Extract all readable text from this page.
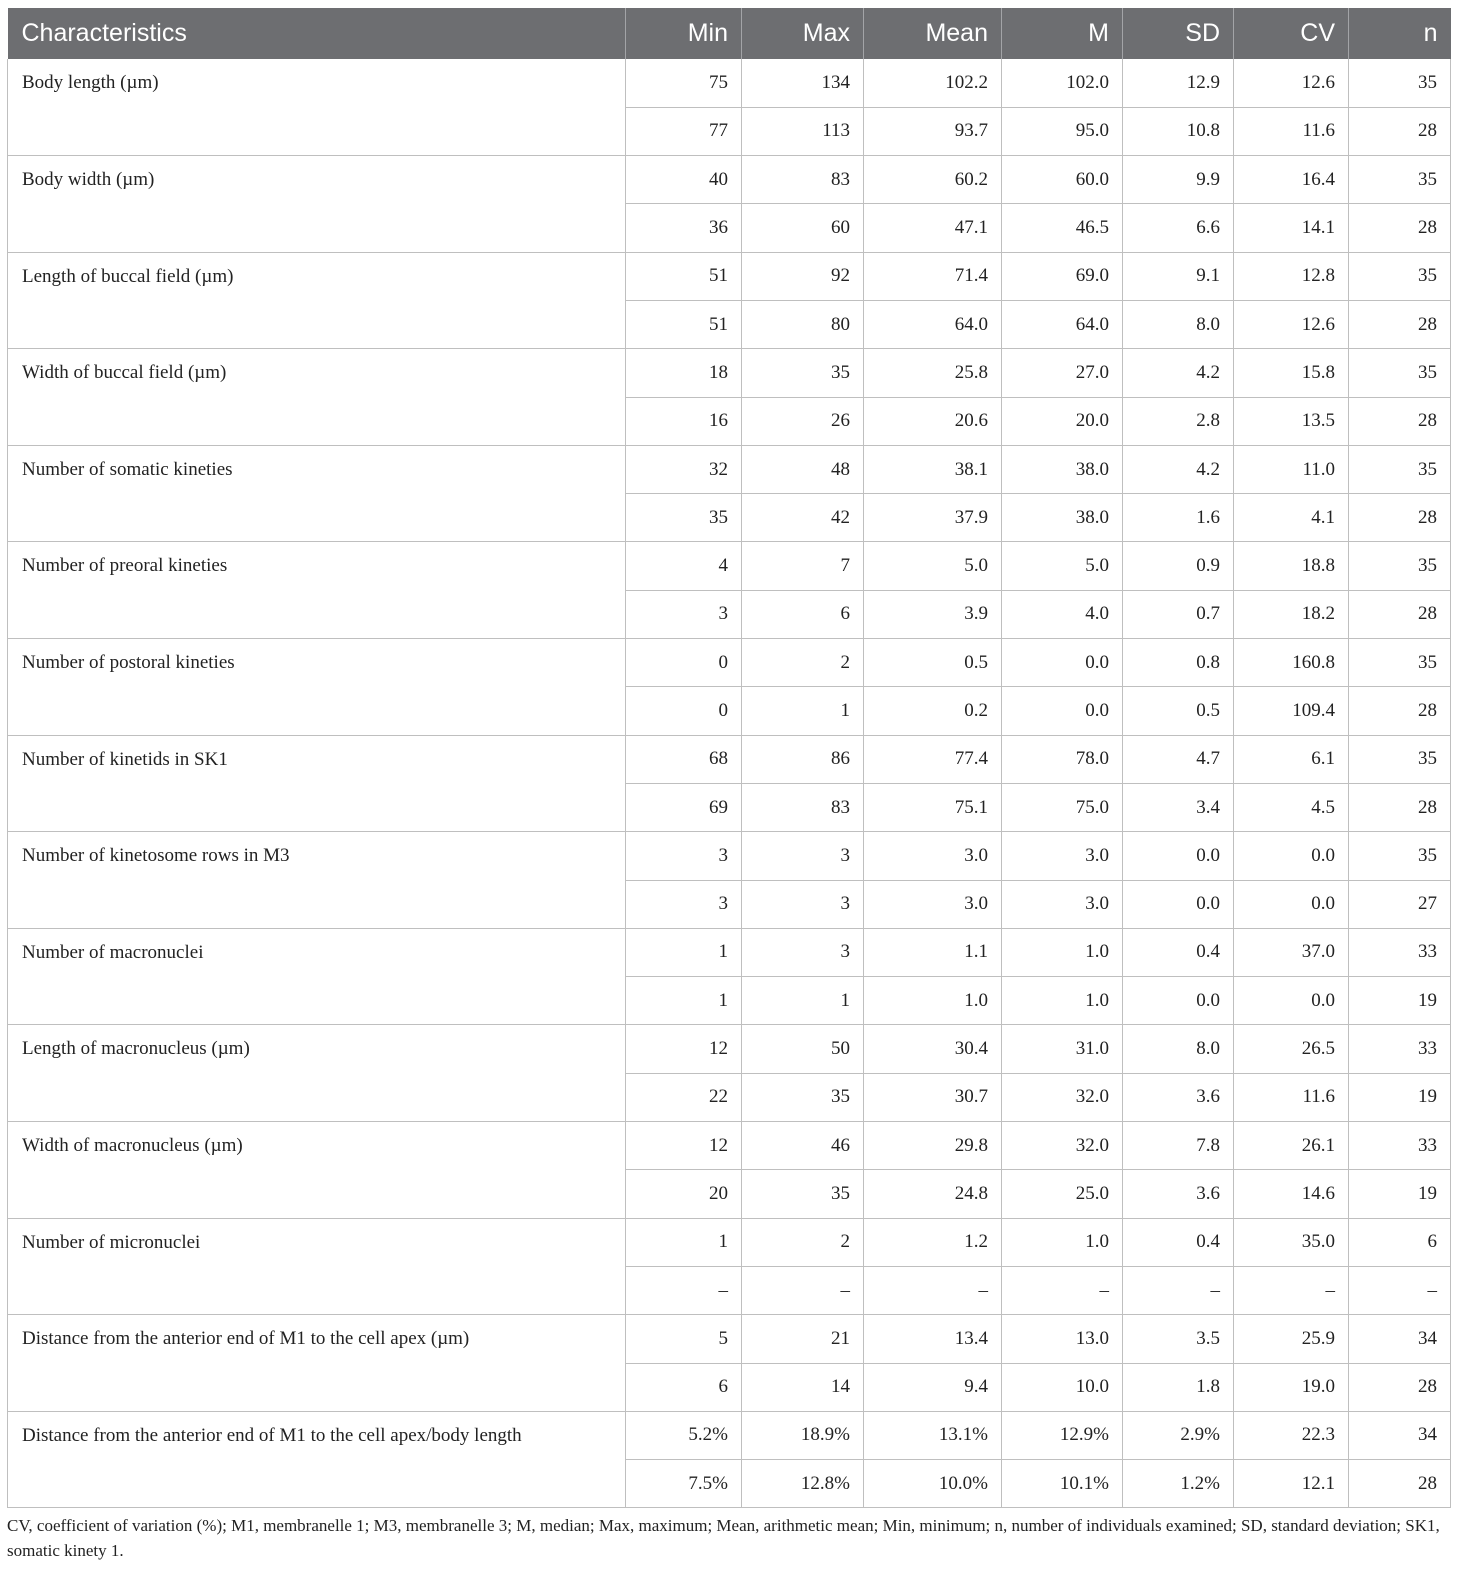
Characteristics	Min	Max	Mean	M	SD	CV	n
Body length (µm)	75	134	102.2	102.0	12.9	12.6	35
	77	113	93.7	95.0	10.8	11.6	28
Body width (µm)	40	83	60.2	60.0	9.9	16.4	35
	36	60	47.1	46.5	6.6	14.1	28
Length of buccal field (µm)	51	92	71.4	69.0	9.1	12.8	35
	51	80	64.0	64.0	8.0	12.6	28
Width of buccal field (µm)	18	35	25.8	27.0	4.2	15.8	35
	16	26	20.6	20.0	2.8	13.5	28
Number of somatic kineties	32	48	38.1	38.0	4.2	11.0	35
	35	42	37.9	38.0	1.6	4.1	28
Number of preoral kineties	4	7	5.0	5.0	0.9	18.8	35
	3	6	3.9	4.0	0.7	18.2	28
Number of postoral kineties	0	2	0.5	0.0	0.8	160.8	35
	0	1	0.2	0.0	0.5	109.4	28
Number of kinetids in SK1	68	86	77.4	78.0	4.7	6.1	35
	69	83	75.1	75.0	3.4	4.5	28
Number of kinetosome rows in M3	3	3	3.0	3.0	0.0	0.0	35
	3	3	3.0	3.0	0.0	0.0	27
Number of macronuclei	1	3	1.1	1.0	0.4	37.0	33
	1	1	1.0	1.0	0.0	0.0	19
Length of macronucleus (µm)	12	50	30.4	31.0	8.0	26.5	33
	22	35	30.7	32.0	3.6	11.6	19
Width of macronucleus (µm)	12	46	29.8	32.0	7.8	26.1	33
	20	35	24.8	25.0	3.6	14.6	19
Number of micronuclei	1	2	1.2	1.0	0.4	35.0	6
	–	–	–	–	–	–	–
Distance from the anterior end of M1 to the cell apex (µm)	5	21	13.4	13.0	3.5	25.9	34
	6	14	9.4	10.0	1.8	19.0	28
Distance from the anterior end of M1 to the cell apex/body length	5.2%	18.9%	13.1%	12.9%	2.9%	22.3	34
	7.5%	12.8%	10.0%	10.1%	1.2%	12.1	28
CV, coefficient of variation (%); M1, membranelle 1; M3, membranelle 3; M, median; Max, maximum; Mean, arithmetic mean; Min, minimum; n, number of individuals examined; SD, standard deviation; SK1, somatic kinety 1.
